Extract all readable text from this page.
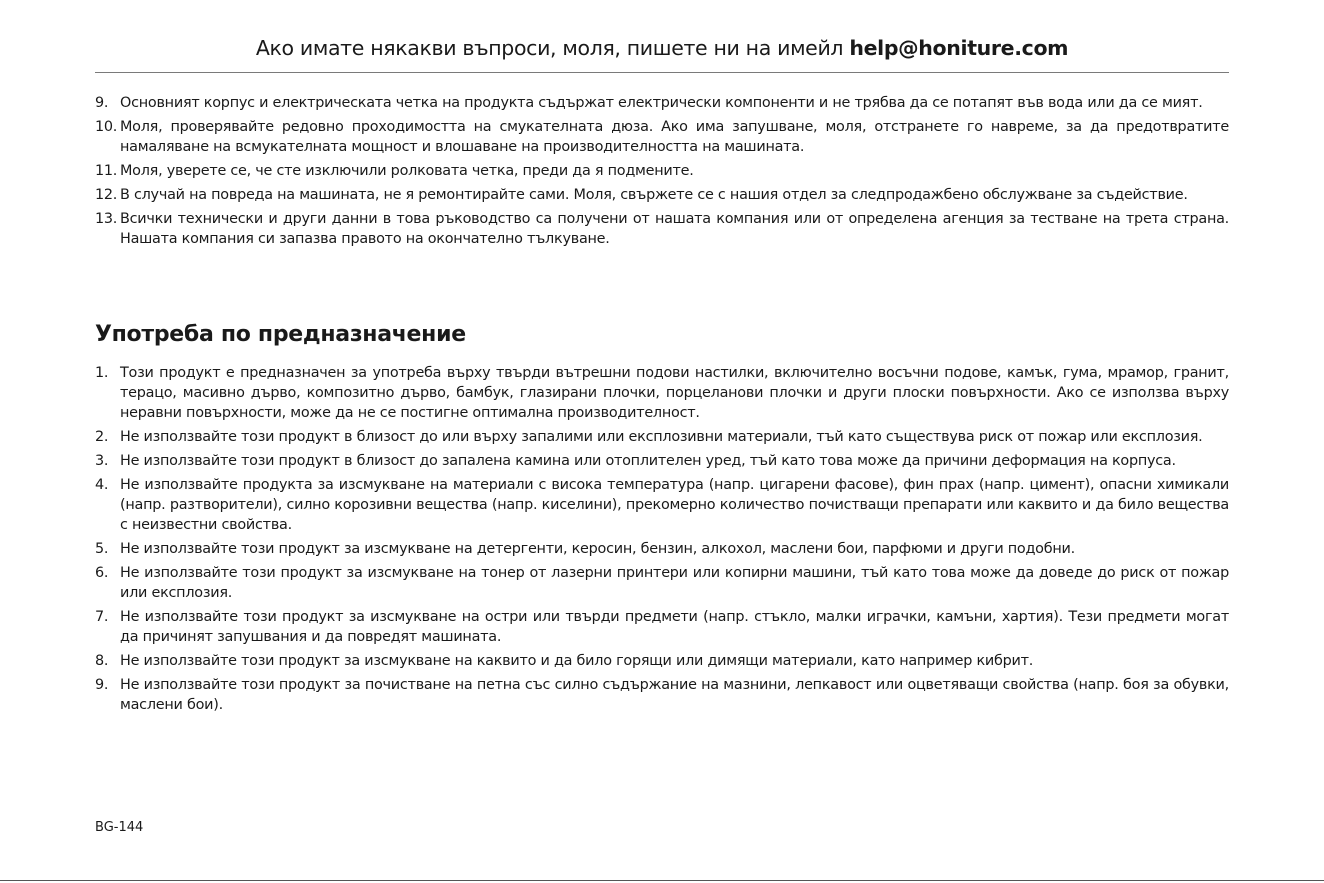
Ако имате някакви въпроси, моля, пишете ни на имейл help@honiture.com
9. Основният корпус и електрическата четка на продукта съдържат електрически компоненти и не трябва да се потапят във вода или да се мият.
10. Моля, проверявайте редовно проходимостта на смукателната дюза. Ако има запушване, моля, отстранете го навреме, за да предотвратите намаляване на всмукателната мощност и влошаване на производителността на машината.
11. Моля, уверете се, че сте изключили ролковата четка, преди да я подмените.
12. В случай на повреда на машината, не я ремонтирайте сами. Моля, свържете се с нашия отдел за следпродажбено обслужване за съдействие.
13. Всички технически и други данни в това ръководство са получени от нашата компания или от определена агенция за тестване на трета страна. Нашата компания си запазва правото на окончателно тълкуване.
Употреба по предназначение
1. Този продукт е предназначен за употреба върху твърди вътрешни подови настилки, включително восъчни подове, камък, гума, мрамор, гранит, терацо, масивно дърво, композитно дърво, бамбук, глазирани плочки, порцеланови плочки и други плоски повърхности. Ако се използва върху неравни повърхности, може да не се постигне оптимална производителност.
2. Не използвайте този продукт в близост до или върху запалими или експлозивни материали, тъй като съществува риск от пожар или експлозия.
3. Не използвайте този продукт в близост до запалена камина или отоплителен уред, тъй като това може да причини деформация на корпуса.
4. Не използвайте продукта за изсмукване на материали с висока температура (напр. цигарени фасове), фин прах (напр. цимент), опасни химикали (напр. разтворители), силно корозивни вещества (напр. киселини), прекомерно количество почистващи препарати или каквито и да било вещества с неизвестни свойства.
5. Не използвайте този продукт за изсмукване на детергенти, керосин, бензин, алкохол, маслени бои, парфюми и други подобни.
6. Не използвайте този продукт за изсмукване на тонер от лазерни принтери или копирни машини, тъй като това може да доведе до риск от пожар или експлозия.
7. Не използвайте този продукт за изсмукване на остри или твърди предмети (напр. стъкло, малки играчки, камъни, хартия). Тези предмети могат да причинят запушвания и да повредят машината.
8. Не използвайте този продукт за изсмукване на каквито и да било горящи или димящи материали, като например кибрит.
9. Не използвайте този продукт за почистване на петна със силно съдържание на мазнини, лепкавост или оцветяващи свойства (напр. боя за обувки, маслени бои).
BG-144
